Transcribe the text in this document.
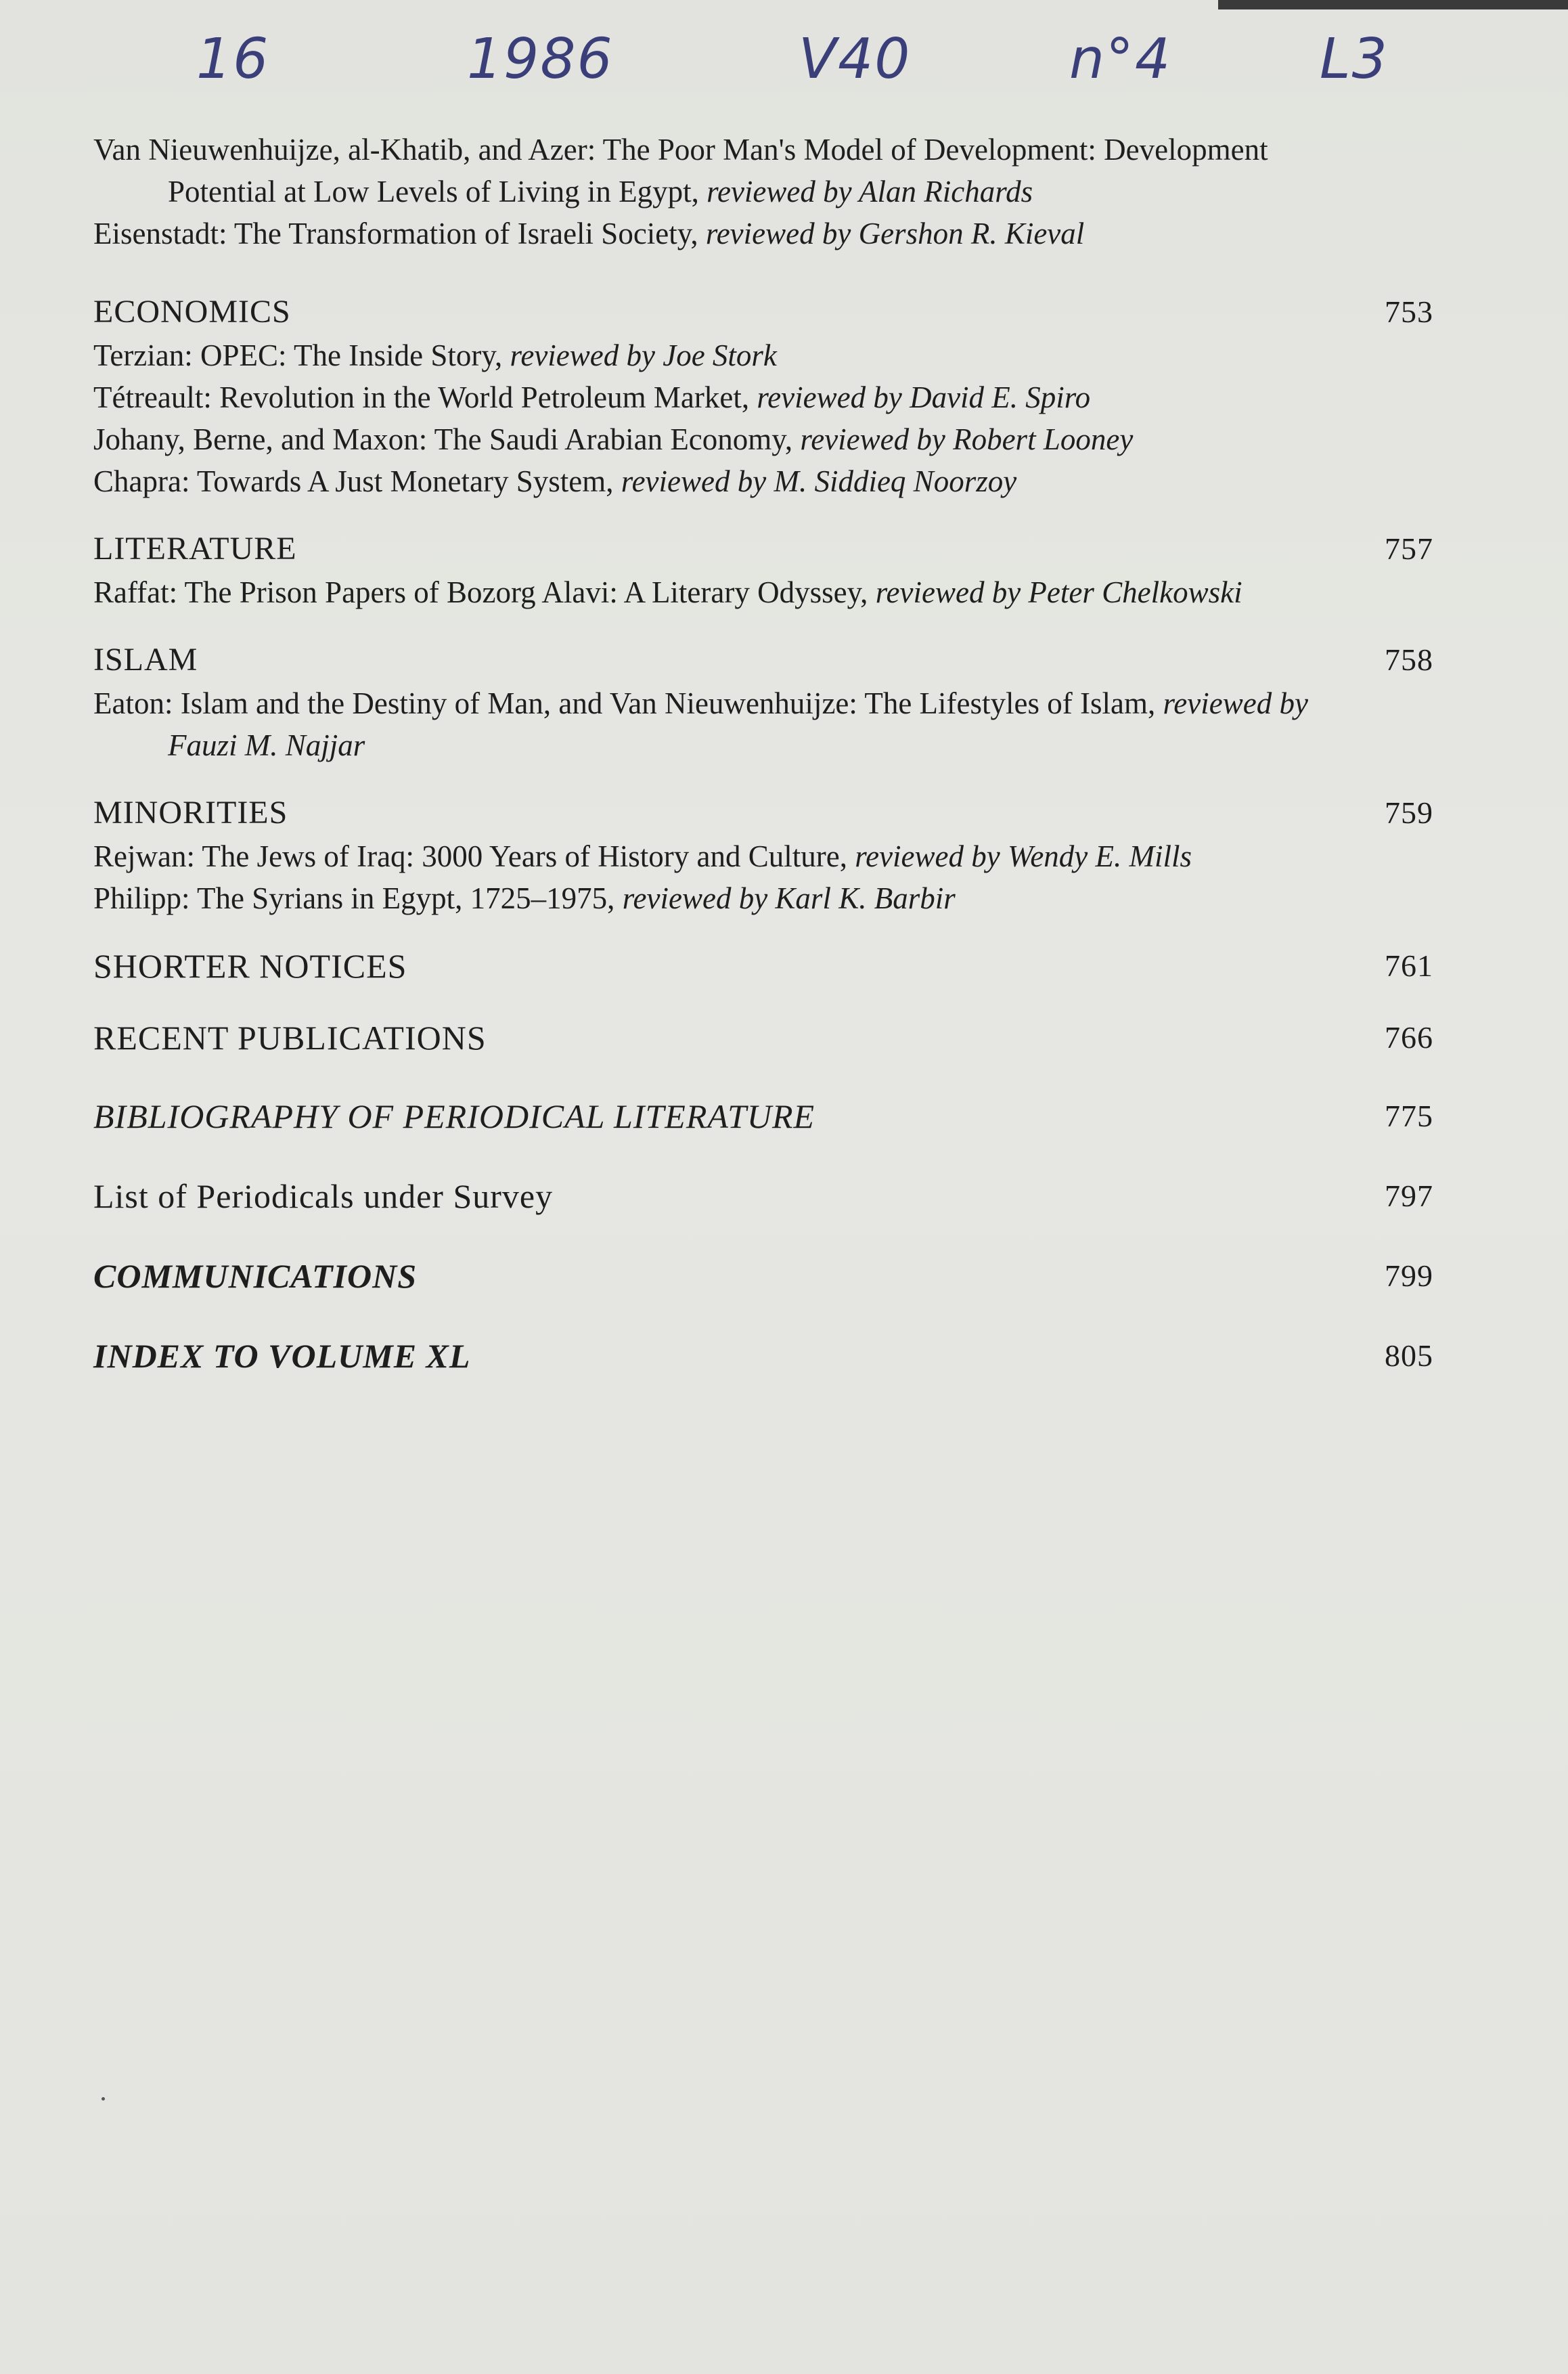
16	1986	V40	n°4	L3
Van Nieuwenhuijze, al-Khatib, and Azer: The Poor Man's Model of Development: Development Potential at Low Levels of Living in Egypt, reviewed by Alan Richards
Eisenstadt: The Transformation of Israeli Society, reviewed by Gershon R. Kieval
ECONOMICS	753
Terzian: OPEC: The Inside Story, reviewed by Joe Stork
Tétreault: Revolution in the World Petroleum Market, reviewed by David E. Spiro
Johany, Berne, and Maxon: The Saudi Arabian Economy, reviewed by Robert Looney
Chapra: Towards A Just Monetary System, reviewed by M. Siddieq Noorzoy
LITERATURE	757
Raffat: The Prison Papers of Bozorg Alavi: A Literary Odyssey, reviewed by Peter Chelkowski
ISLAM	758
Eaton: Islam and the Destiny of Man, and Van Nieuwenhuijze: The Lifestyles of Islam, reviewed by Fauzi M. Najjar
MINORITIES	759
Rejwan: The Jews of Iraq: 3000 Years of History and Culture, reviewed by Wendy E. Mills
Philipp: The Syrians in Egypt, 1725–1975, reviewed by Karl K. Barbir
SHORTER NOTICES	761
RECENT PUBLICATIONS	766
BIBLIOGRAPHY OF PERIODICAL LITERATURE	775
List of Periodicals under Survey	797
COMMUNICATIONS	799
INDEX TO VOLUME XL	805
